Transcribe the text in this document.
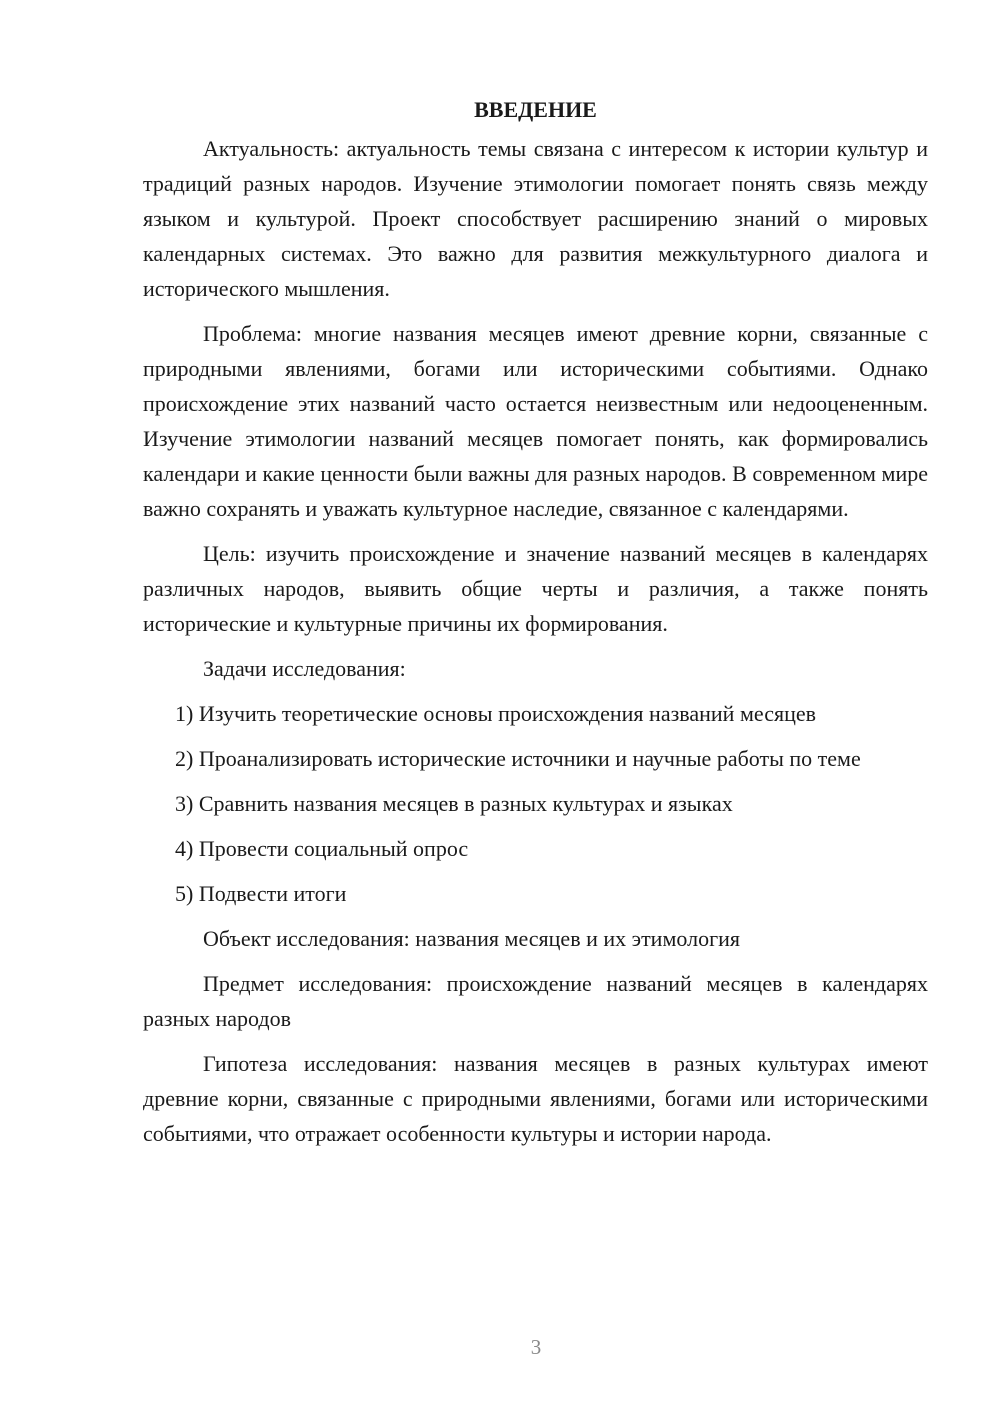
ВВЕДЕНИЕ

Актуальность: актуальность темы связана с интересом к истории культур и традиций разных народов. Изучение этимологии помогает понять связь между языком и культурой. Проект способствует расширению знаний о мировых календарных системах. Это важно для развития межкультурного диалога и исторического мышления.

Проблема: многие названия месяцев имеют древние корни, связанные с природными явлениями, богами или историческими событиями. Однако происхождение этих названий часто остается неизвестным или недооцененным. Изучение этимологии названий месяцев помогает понять, как формировались календари и какие ценности были важны для разных народов. В современном мире важно сохранять и уважать культурное наследие, связанное с календарями.

Цель: изучить происхождение и значение названий месяцев в календарях различных народов, выявить общие черты и различия, а также понять исторические и культурные причины их формирования.

Задачи исследования:

1) Изучить теоретические основы происхождения названий месяцев

2) Проанализировать исторические источники и научные работы по теме

3) Сравнить названия месяцев в разных культурах и языках

4) Провести социальный опрос

5) Подвести итоги

Объект исследования: названия месяцев и их этимология

Предмет исследования: происхождение названий месяцев в календарях разных народов

Гипотеза исследования: названия месяцев в разных культурах имеют древние корни, связанные с природными явлениями, богами или историческими событиями, что отражает особенности культуры и истории народа.

3
